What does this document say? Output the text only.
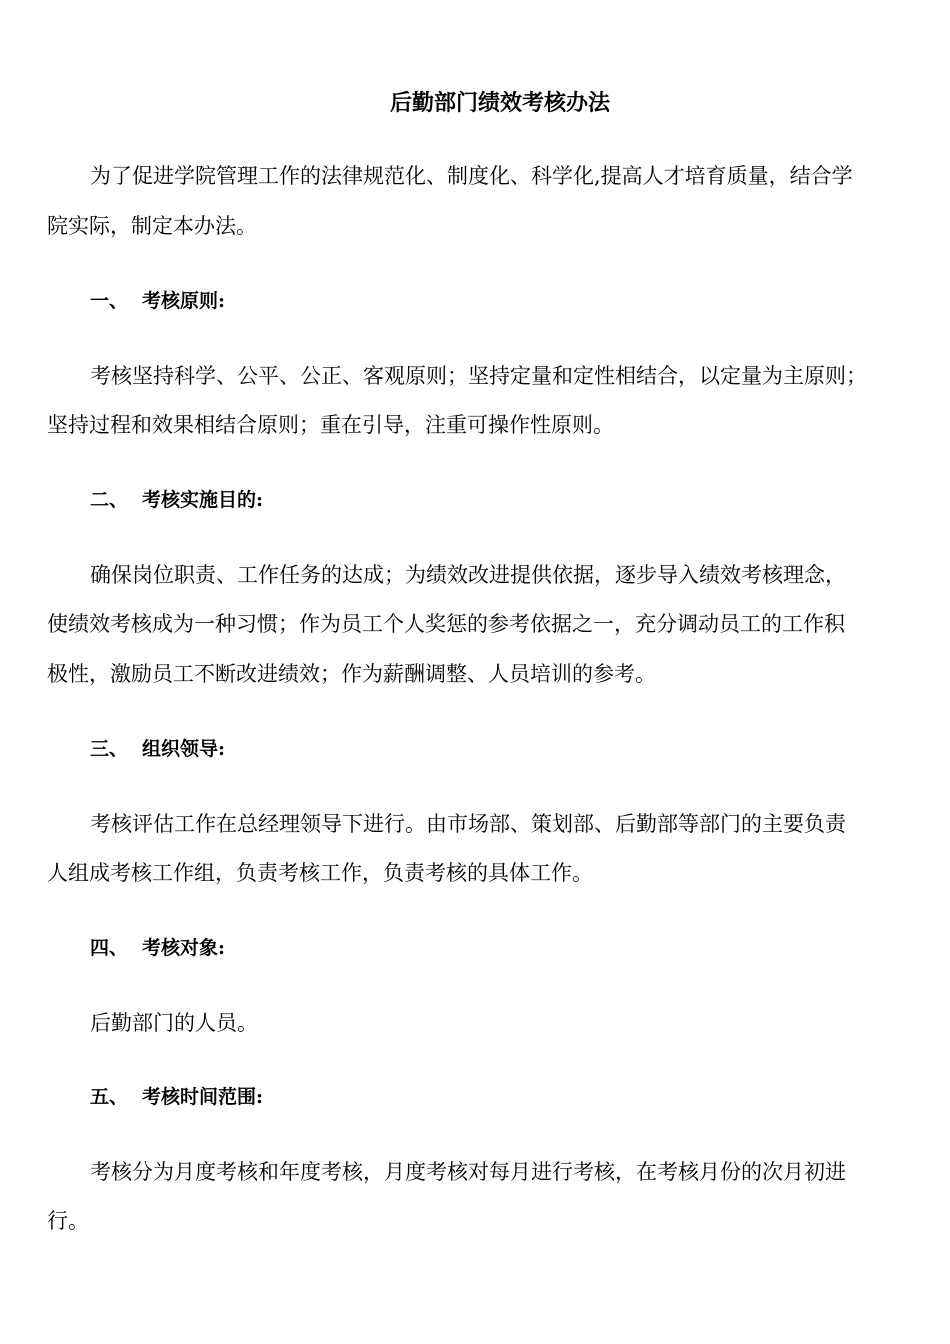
后勤部门绩效考核办法
为了促进学院管理工作的法律规范化、制度化、科学化,提高人才培育质量，结合学
院实际，制定本办法。
一、 考核原则:
考核坚持科学、公平、公正、客观原则；坚持定量和定性相结合，以定量为主原则；
坚持过程和效果相结合原则；重在引导，注重可操作性原则。
二、 考核实施目的:
确保岗位职责、工作任务的达成；为绩效改进提供依据，逐步导入绩效考核理念，
使绩效考核成为一种习惯；作为员工个人奖惩的参考依据之一，充分调动员工的工作积
极性，激励员工不断改进绩效；作为薪酬调整、人员培训的参考。
三、 组织领导:
考核评估工作在总经理领导下进行。由市场部、策划部、后勤部等部门的主要负责
人组成考核工作组，负责考核工作，负责考核的具体工作。
四、 考核对象:
后勤部门的人员。
五、 考核时间范围:
考核分为月度考核和年度考核，月度考核对每月进行考核，在考核月份的次月初进
行。
